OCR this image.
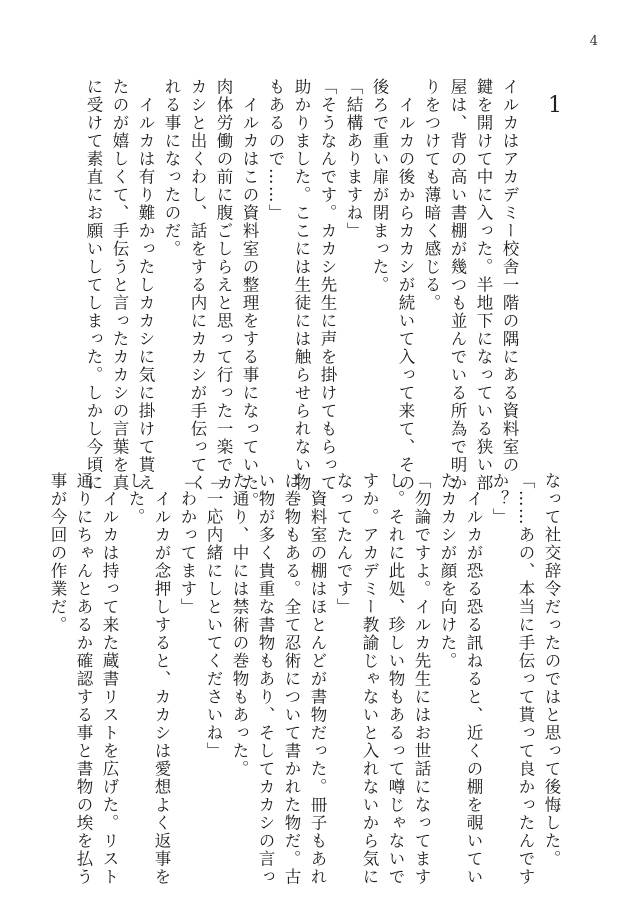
4
1
イルカはアカデミー校舎一階の隅にある資料室の
鍵を開けて中に入った。半地下になっている狭い部
屋は、背の高い書棚が幾つも並んでいる所為で明か
りをつけても薄暗く感じる。
　イルカの後からカカシが続いて入って来て、その
後ろで重い扉が閉まった。
「結構ありますね」
「そうなんです。カカシ先生に声を掛けてもらって
助かりました。ここには生徒には触らせられない物
もあるので……」
　イルカはこの資料室の整理をする事になっていた。
肉体労働の前に腹ごしらえと思って行った一楽でカ
カシと出くわし、話をする内にカカシが手伝ってく
れる事になったのだ。
　イルカは有り難かったしカカシに気に掛けて貰え
たのが嬉しくて、手伝うと言ったカカシの言葉を真
に受けて素直にお願いしてしまった。しかし今頃に
なって社交辞令だったのではと思って後悔した。
「……あの、本当に手伝って貰って良かったんです
か？」
　イルカが恐る恐る訊ねると、近くの棚を覗いてい
たカカシが顔を向けた。
「勿論ですよ。イルカ先生にはお世話になってます
し。それに此処、珍しい物もあるって噂じゃないで
すか。アカデミー教諭じゃないと入れないから気に
なってたんです」
　資料室の棚はほとんどが書物だった。冊子もあれ
ば巻物もある。全て忍術について書かれた物だ。古
い物が多く貴重な書物もあり、そしてカカシの言っ
た通り、中には禁術の巻物もあった。
「一応内緒にしといてくださいね」
「わかってます」
　イルカが念押しすると、カカシは愛想よく返事を
した。
　イルカは持って来た蔵書リストを広げた。リスト
通りにちゃんとあるか確認する事と書物の埃を払う
事が今回の作業だ。
